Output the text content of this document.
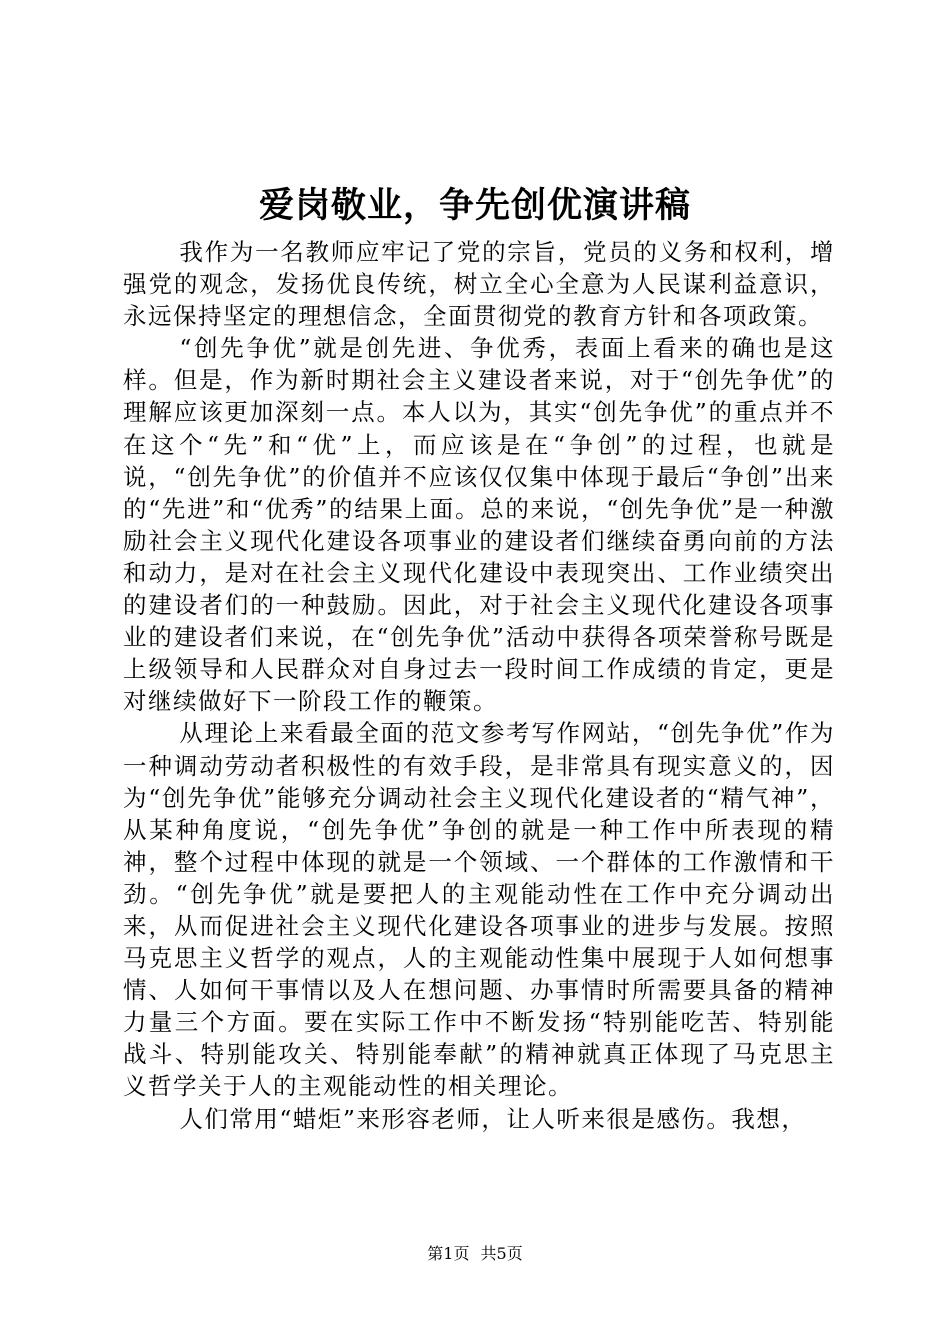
爱岗敬业，争先创优演讲稿

我作为一名教师应牢记了党的宗旨，党员的义务和权利，增强党的观念，发扬优良传统，树立全心全意为人民谋利益意识，永远保持坚定的理想信念，全面贯彻党的教育方针和各项政策。

“创先争优”就是创先进、争优秀，表面上看来的确也是这样。但是，作为新时期社会主义建设者来说，对于“创先争优”的理解应该更加深刻一点。本人以为，其实“创先争优”的重点并不在这个“先”和“优”上，而应该是在“争创”的过程，也就是说，“创先争优”的价值并不应该仅仅集中体现于最后“争创”出来的“先进”和“优秀”的结果上面。总的来说，“创先争优”是一种激励社会主义现代化建设各项事业的建设者们继续奋勇向前的方法和动力，是对在社会主义现代化建设中表现突出、工作业绩突出的建设者们的一种鼓励。因此，对于社会主义现代化建设各项事业的建设者们来说，在“创先争优”活动中获得各项荣誉称号既是上级领导和人民群众对自身过去一段时间工作成绩的肯定，更是对继续做好下一阶段工作的鞭策。

从理论上来看最全面的范文参考写作网站，“创先争优”作为一种调动劳动者积极性的有效手段，是非常具有现实意义的，因为“创先争优”能够充分调动社会主义现代化建设者的“精气神”，从某种角度说，“创先争优”争创的就是一种工作中所表现的精神，整个过程中体现的就是一个领域、一个群体的工作激情和干劲。“创先争优”就是要把人的主观能动性在工作中充分调动出来，从而促进社会主义现代化建设各项事业的进步与发展。按照马克思主义哲学的观点，人的主观能动性集中展现于人如何想事情、人如何干事情以及人在想问题、办事情时所需要具备的精神力量三个方面。要在实际工作中不断发扬“特别能吃苦、特别能战斗、特别能攻关、特别能奉献”的精神就真正体现了马克思主义哲学关于人的主观能动性的相关理论。

人们常用“蜡炬”来形容老师，让人听来很是感伤。我想，

第1页 共5页
